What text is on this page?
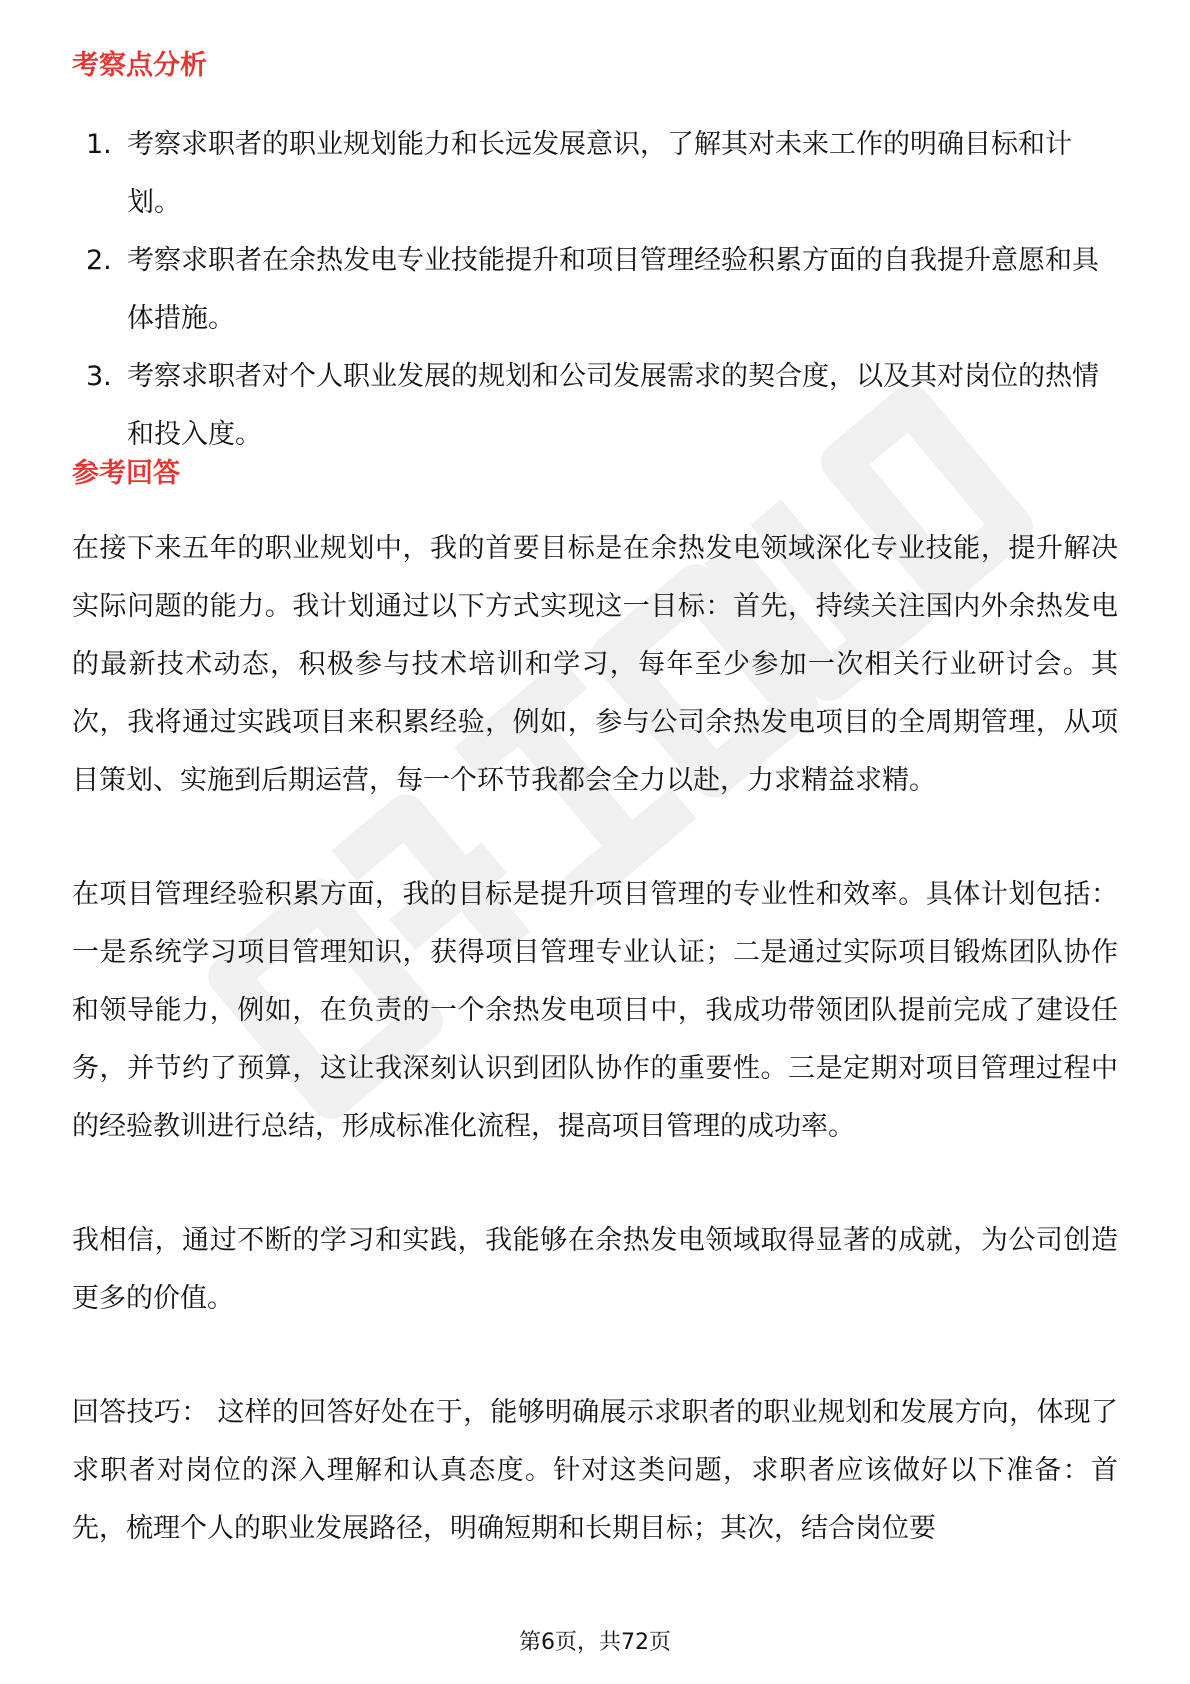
考察点分析
1. 考察求职者的职业规划能力和长远发展意识，了解其对未来工作的明确目标和计划。
2. 考察求职者在余热发电专业技能提升和项目管理经验积累方面的自我提升意愿和具体措施。
3. 考察求职者对个人职业发展的规划和公司发展需求的契合度，以及其对岗位的热情和投入度。
参考回答

在接下来五年的职业规划中，我的首要目标是在余热发电领域深化专业技能，提升解决实际问题的能力。我计划通过以下方式实现这一目标：首先，持续关注国内外余热发电的最新技术动态，积极参与技术培训和学习，每年至少参加一次相关行业研讨会。其次，我将通过实践项目来积累经验，例如，参与公司余热发电项目的全周期管理，从项目策划、实施到后期运营，每一个环节我都会全力以赴，力求精益求精。

在项目管理经验积累方面，我的目标是提升项目管理的专业性和效率。具体计划包括：一是系统学习项目管理知识，获得项目管理专业认证；二是通过实际项目锻炼团队协作和领导能力，例如，在负责的一个余热发电项目中，我成功带领团队提前完成了建设任务，并节约了预算，这让我深刻认识到团队协作的重要性。三是定期对项目管理过程中的经验教训进行总结，形成标准化流程，提高项目管理的成功率。

我相信，通过不断的学习和实践，我能够在余热发电领域取得显著的成就，为公司创造更多的价值。

回答技巧： 这样的回答好处在于，能够明确展示求职者的职业规划和发展方向，体现了求职者对岗位的深入理解和认真态度。针对这类问题，求职者应该做好以下准备：首先，梳理个人的职业发展路径，明确短期和长期目标；其次，结合岗位要

第6页，共72页
